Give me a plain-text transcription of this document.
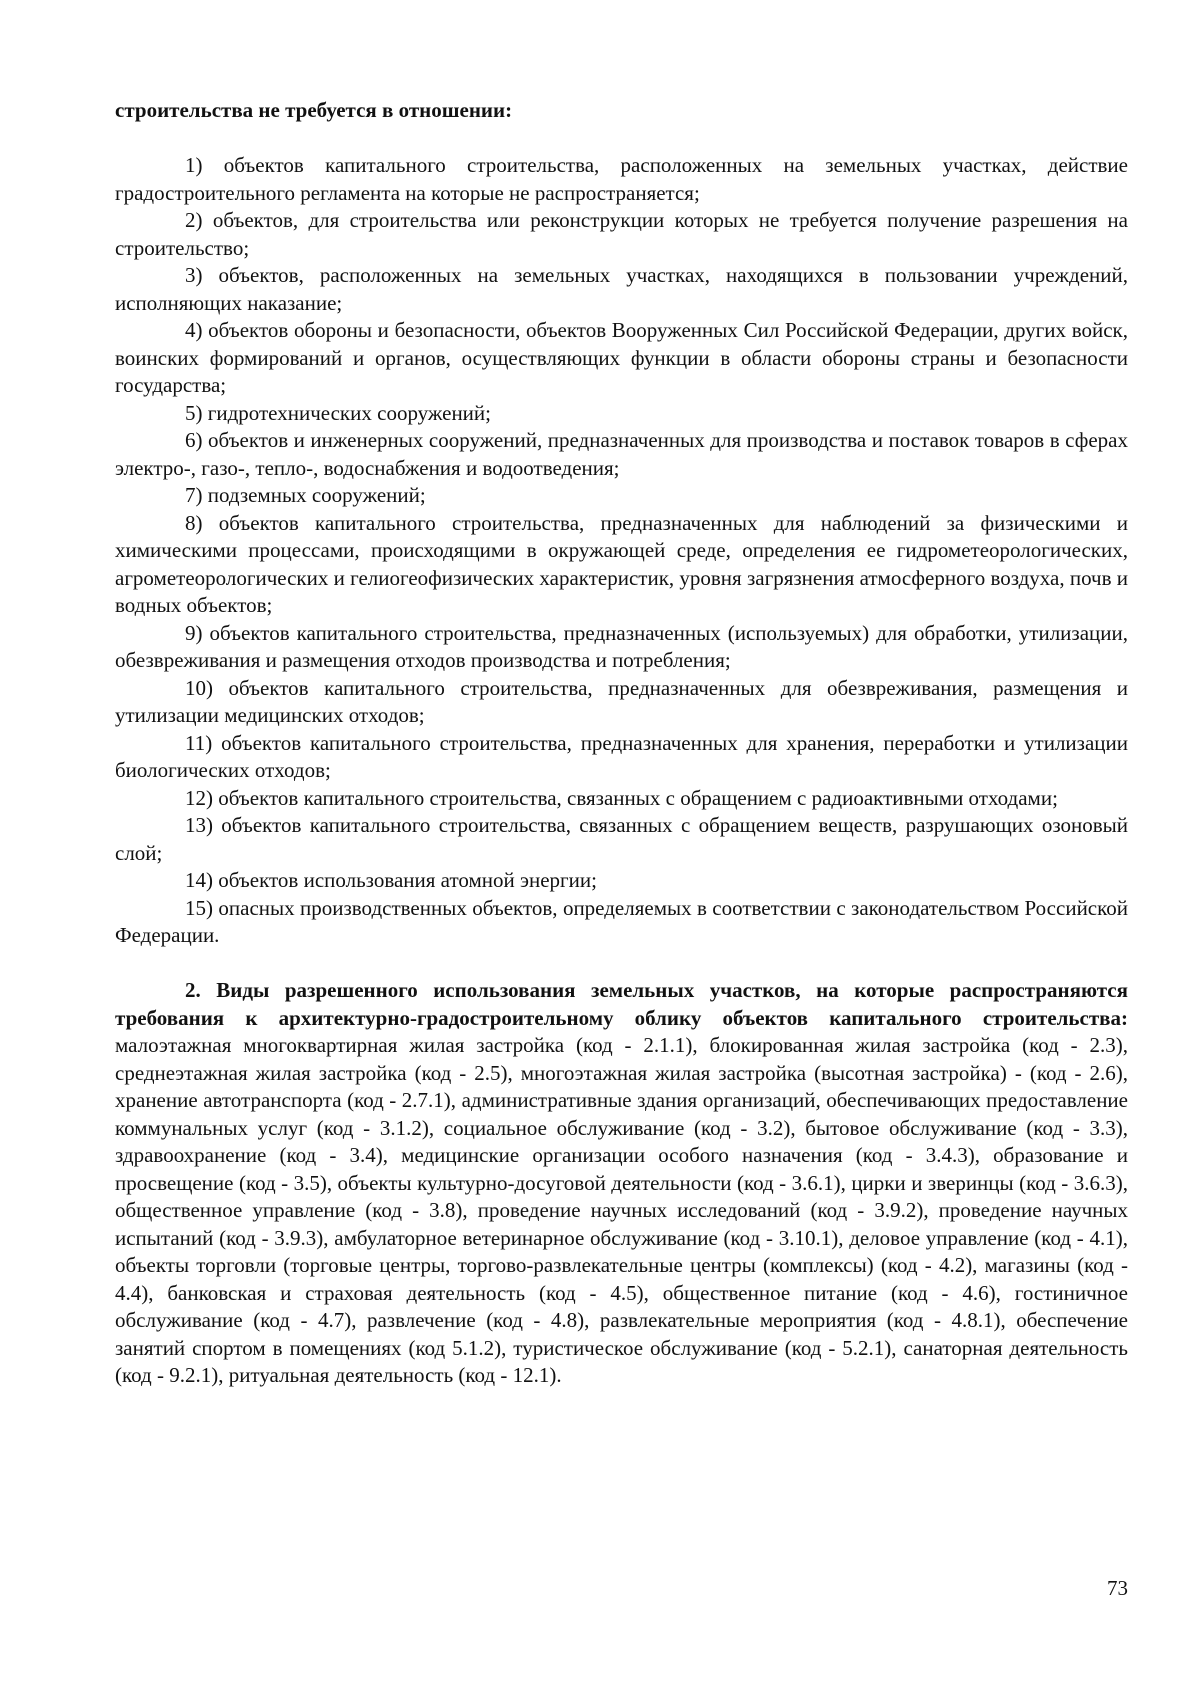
строительства не требуется в отношении:

1) объектов капитального строительства, расположенных на земельных участках, действие градостроительного регламента на которые не распространяется;

2) объектов, для строительства или реконструкции которых не требуется получение разрешения на строительство;

3) объектов, расположенных на земельных участках, находящихся в пользовании учреждений, исполняющих наказание;

4) объектов обороны и безопасности, объектов Вооруженных Сил Российской Федерации, других войск, воинских формирований и органов, осуществляющих функции в области обороны страны и безопасности государства;

5) гидротехнических сооружений;

6) объектов и инженерных сооружений, предназначенных для производства и поставок товаров в сферах электро-, газо-, тепло-, водоснабжения и водоотведения;

7) подземных сооружений;

8) объектов капитального строительства, предназначенных для наблюдений за физическими и химическими процессами, происходящими в окружающей среде, определения ее гидрометеорологических, агрометеорологических и гелиогеофизических характеристик, уровня загрязнения атмосферного воздуха, почв и водных объектов;

9) объектов капитального строительства, предназначенных (используемых) для обработки, утилизации, обезвреживания и размещения отходов производства и потребления;

10) объектов капитального строительства, предназначенных для обезвреживания, размещения и утилизации медицинских отходов;

11) объектов капитального строительства, предназначенных для хранения, переработки и утилизации биологических отходов;

12) объектов капитального строительства, связанных с обращением с радиоактивными отходами;

13) объектов капитального строительства, связанных с обращением веществ, разрушающих озоновый слой;

14) объектов использования атомной энергии;

15) опасных производственных объектов, определяемых в соответствии с законодательством Российской Федерации.

2. Виды разрешенного использования земельных участков, на которые распространяются требования к архитектурно-градостроительному облику объектов капитального строительства: малоэтажная многоквартирная жилая застройка (код - 2.1.1), блокированная жилая застройка (код - 2.3), среднеэтажная жилая застройка (код - 2.5), многоэтажная жилая застройка (высотная застройка) - (код - 2.6), хранение автотранспорта (код - 2.7.1), административные здания организаций, обеспечивающих предоставление коммунальных услуг (код - 3.1.2), социальное обслуживание (код - 3.2), бытовое обслуживание (код - 3.3), здравоохранение (код - 3.4), медицинские организации особого назначения (код - 3.4.3), образование и просвещение (код - 3.5), объекты культурно-досуговой деятельности (код - 3.6.1), цирки и зверинцы (код - 3.6.3), общественное управление (код - 3.8), проведение научных исследований (код - 3.9.2), проведение научных испытаний (код - 3.9.3), амбулаторное ветеринарное обслуживание (код - 3.10.1), деловое управление (код - 4.1), объекты торговли (торговые центры, торгово-развлекательные центры (комплексы) (код - 4.2), магазины (код - 4.4), банковская и страховая деятельность (код - 4.5), общественное питание (код - 4.6), гостиничное обслуживание (код - 4.7), развлечение (код - 4.8), развлекательные мероприятия (код - 4.8.1), обеспечение занятий спортом в помещениях (код 5.1.2), туристическое обслуживание (код - 5.2.1), санаторная деятельность (код - 9.2.1), ритуальная деятельность (код - 12.1).

73
